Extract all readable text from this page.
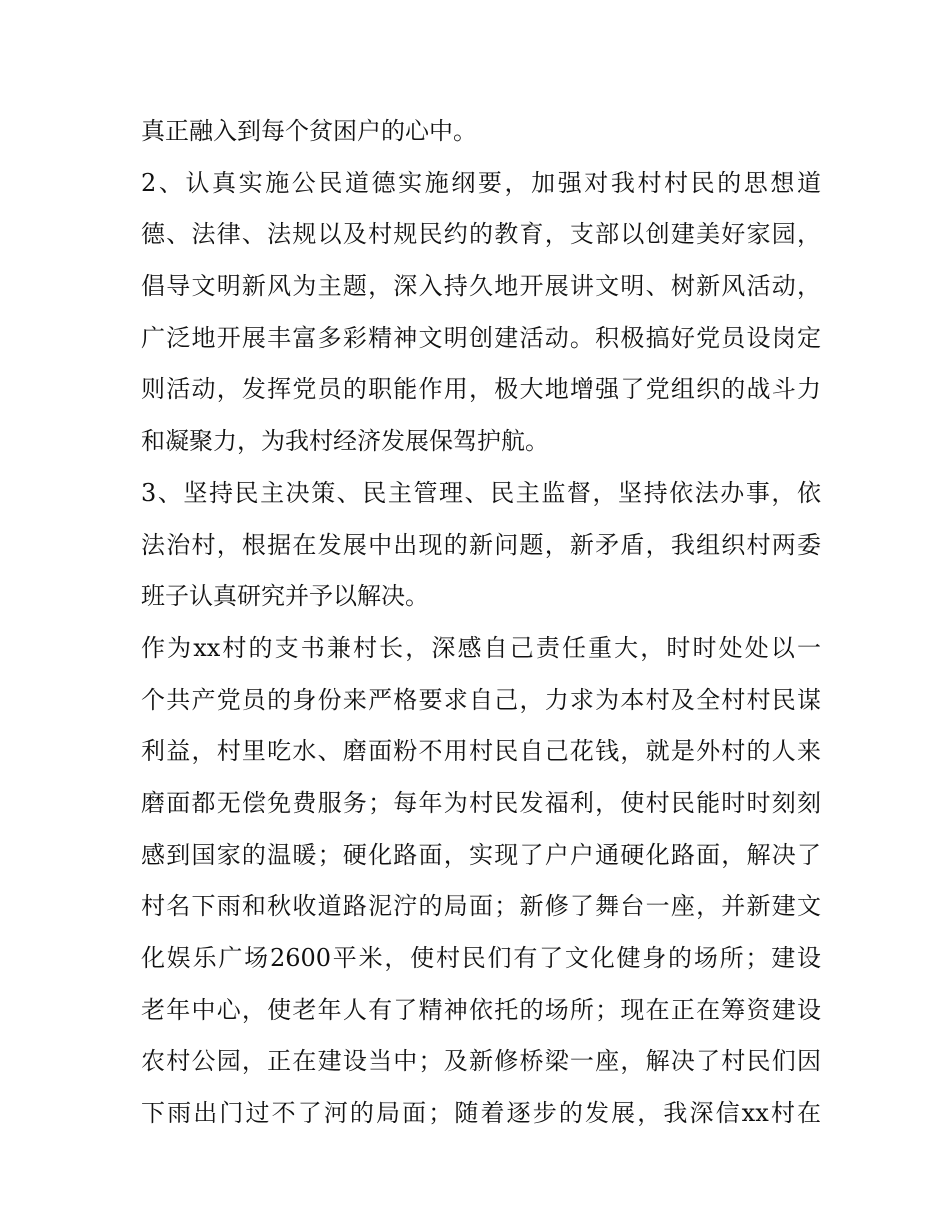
真正融入到每个贫困户的心中。
2、认真实施公民道德实施纲要，加强对我村村民的思想道
德、法律、法规以及村规民约的教育，支部以创建美好家园，
倡导文明新风为主题，深入持久地开展讲文明、树新风活动，
广泛地开展丰富多彩精神文明创建活动。积极搞好党员设岗定
则活动，发挥党员的职能作用，极大地增强了党组织的战斗力
和凝聚力，为我村经济发展保驾护航。
3、坚持民主决策、民主管理、民主监督，坚持依法办事，依
法治村，根据在发展中出现的新问题，新矛盾，我组织村两委
班子认真研究并予以解决。
作为xx村的支书兼村长，深感自己责任重大，时时处处以一
个共产党员的身份来严格要求自己，力求为本村及全村村民谋
利益，村里吃水、磨面粉不用村民自己花钱，就是外村的人来
磨面都无偿免费服务；每年为村民发福利，使村民能时时刻刻
感到国家的温暖；硬化路面，实现了户户通硬化路面，解决了
村名下雨和秋收道路泥泞的局面；新修了舞台一座，并新建文
化娱乐广场2600平米，使村民们有了文化健身的场所；建设
老年中心，使老年人有了精神依托的场所；现在正在筹资建设
农村公园，正在建设当中；及新修桥梁一座，解决了村民们因
下雨出门过不了河的局面；随着逐步的发展，我深信xx村在
